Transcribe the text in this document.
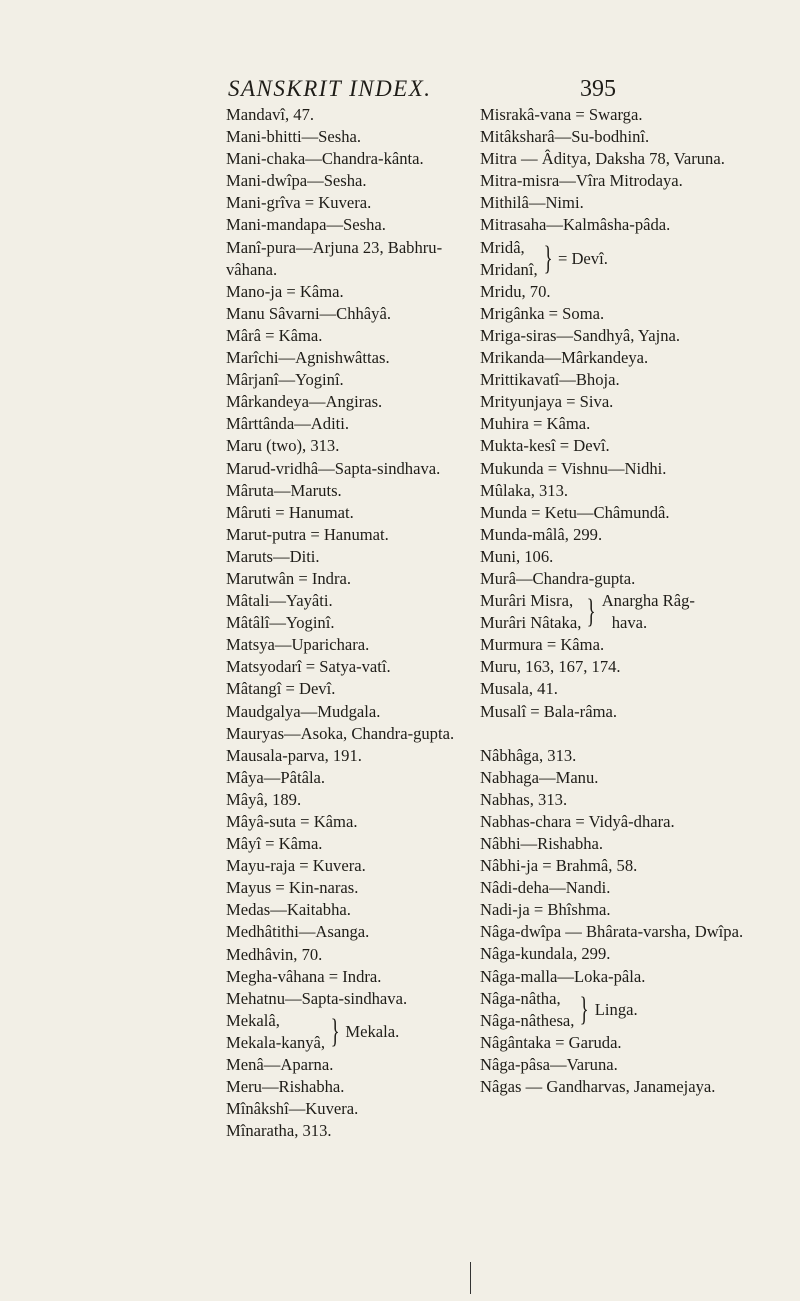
SANSKRIT INDEX.	395
Mandavî, 47.
Mani-bhitti—Sesha.
Mani-chaka—Chandra-kânta.
Mani-dwîpa—Sesha.
Mani-grîva = Kuvera.
Mani-mandapa—Sesha.
Manî-pura—Arjuna 23, Babhru-vâhana.
Mano-ja = Kâma.
Manu Sâvarni—Chhâyâ.
Mârâ = Kâma.
Marîchi—Agnishwâttas.
Mârjanî—Yoginî.
Mârkandeya—Angiras.
Mârttânda—Aditi.
Maru (two), 313.
Marud-vridhâ—Sapta-sindhava.
Mâruta—Maruts.
Mâruti = Hanumat.
Marut-putra = Hanumat.
Maruts—Diti.
Marutwân = Indra.
Mâtali—Yayâti.
Mâtâlî—Yoginî.
Matsya—Uparichara.
Matsyodarî = Satya-vatî.
Mâtangî = Devî.
Maudgalya—Mudgala.
Mauryas—Asoka, Chandra-gupta.
Mausala-parva, 191.
Mâya—Pâtâla.
Mâyâ, 189.
Mâyâ-suta = Kâma.
Mâyî = Kâma.
Mayu-raja = Kuvera.
Mayus = Kin-naras.
Medas—Kaitabha.
Medhâtithi—Asanga.
Medhâvin, 70.
Megha-vâhana = Indra.
Mehatnu—Sapta-sindhava.
Mekalâ,
Mekala-kanyâ, } Mekala.
Menâ—Aparna.
Meru—Rishabha.
Mînâkshî—Kuvera.
Mînaratha, 313.
Misrakâ-vana = Swarga.
Mitâksharâ—Su-bodhinî.
Mitra — Âditya, Daksha 78, Varuna.
Mitra-misra—Vîra Mitrodaya.
Mithilâ—Nimi.
Mitrasaha—Kalmâsha-pâda.
Mridâ,
Mridanî, } = Devî.
Mridu, 70.
Mrigânka = Soma.
Mriga-siras—Sandhyâ, Yajna.
Mrikanda—Mârkandeya.
Mrittikavatî—Bhoja.
Mrityunjaya = Siva.
Muhira = Kâma.
Mukta-kesî = Devî.
Mukunda = Vishnu—Nidhi.
Mûlaka, 313.
Munda = Ketu—Châmundâ.
Munda-mâlâ, 299.
Muni, 106.
Murâ—Chandra-gupta.
Murâri Misra,
Murâri Nâtaka, } Anargha Râg-
hava.
Murmura = Kâma.
Muru, 163, 167, 174.
Musala, 41.
Musalî = Bala-râma.
Nâbhâga, 313.
Nabhaga—Manu.
Nabhas, 313.
Nabhas-chara = Vidyâ-dhara.
Nâbhi—Rishabha.
Nâbhi-ja = Brahmâ, 58.
Nâdi-deha—Nandi.
Nadi-ja = Bhîshma.
Nâga-dwîpa — Bhârata-varsha, Dwîpa.
Nâga-kundala, 299.
Nâga-malla—Loka-pâla.
Nâga-nâtha,
Nâga-nâthesa, } Linga.
Nâgântaka = Garuda.
Nâga-pâsa—Varuna.
Nâgas — Gandharvas, Janamejaya.
